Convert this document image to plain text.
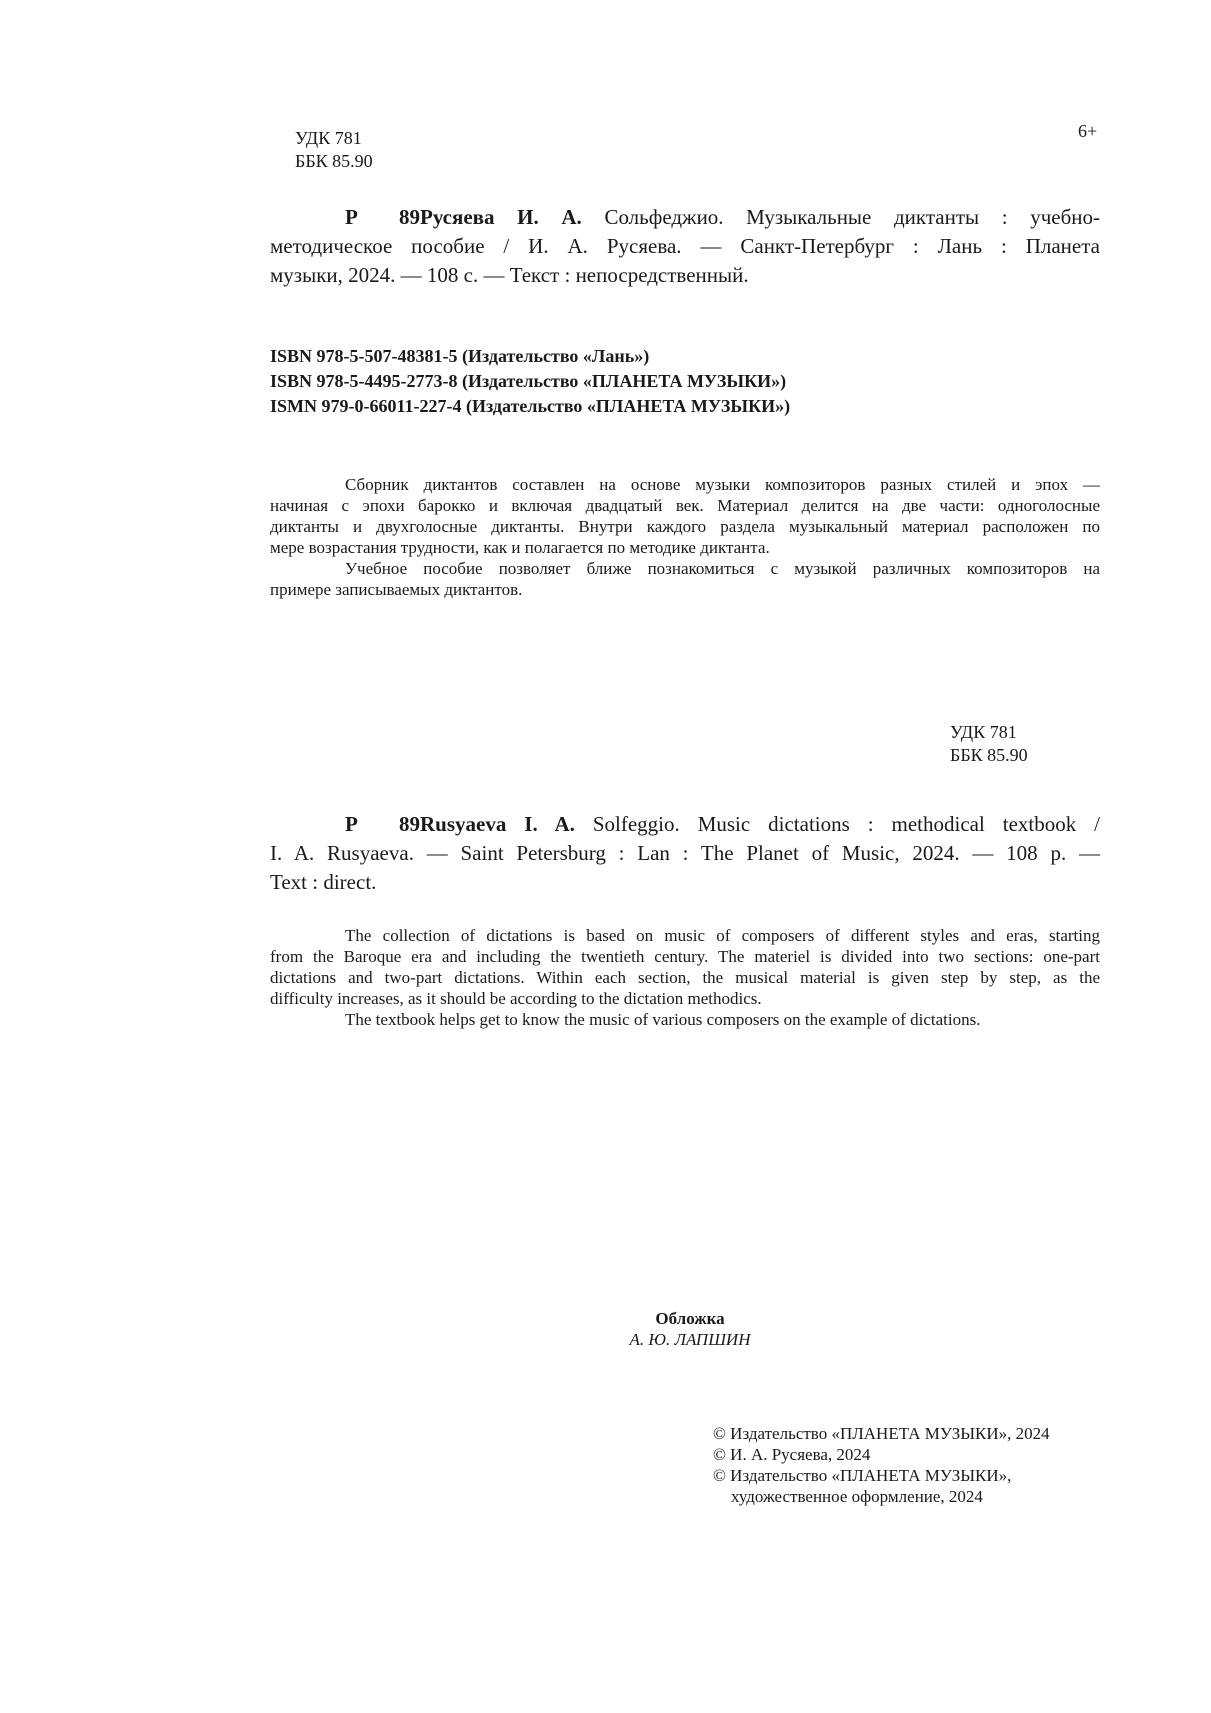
6+
УДК 781
ББК 85.90
Р 89Русяева И. А. Сольфеджио. Музыкальные диктанты : учебно-
методическое пособие / И. А. Русяева. — Санкт-Петербург : Лань : Планета
музыки, 2024. — 108 с. — Текст : непосредственный.
ISBN 978-5-507-48381-5 (Издательство «Лань»)
ISBN 978-5-4495-2773-8 (Издательство «ПЛАНЕТА МУЗЫКИ»)
ISMN 979-0-66011-227-4 (Издательство «ПЛАНЕТА МУЗЫКИ»)
Сборник диктантов составлен на основе музыки композиторов разных стилей и эпох —
начиная с эпохи барокко и включая двадцатый век. Материал делится на две части: одноголосные
диктанты и двухголосные диктанты. Внутри каждого раздела музыкальный материал расположен по
мере возрастания трудности, как и полагается по методике диктанта.
Учебное пособие позволяет ближе познакомиться с музыкой различных композиторов на
примере записываемых диктантов.
УДК 781
ББК 85.90
Р 89Rusyaeva I. A. Solfeggio. Music dictations : methodical textbook /
I. A. Rusyaeva. — Saint Petersburg : Lan : The Planet of Music, 2024. — 108 p. —
Text : direct.
The collection of dictations is based on music of composers of different styles and eras, starting
from the Baroque era and including the twentieth century. The materiel is divided into two sections: one-part
dictations and two-part dictations. Within each section, the musical material is given step by step, as the
difficulty increases, as it should be according to the dictation methodics.
The textbook helps get to know the music of various composers on the example of dictations.
Обложка
А. Ю. ЛАПШИН
© Издательство «ПЛАНЕТА МУЗЫКИ», 2024
© И. А. Русяева, 2024
© Издательство «ПЛАНЕТА МУЗЫКИ»,
художественное оформление, 2024
